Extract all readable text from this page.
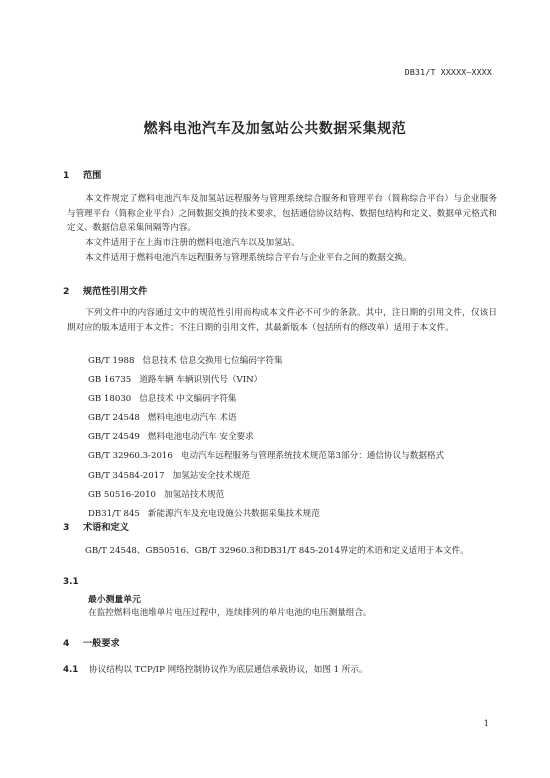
DB31/T XXXXX—XXXX
燃料电池汽车及加氢站公共数据采集规范
1 范围
本文件规定了燃料电池汽车及加氢站远程服务与管理系统综合服务和管理平台（简称综合平台）与企业服务与管理平台（简称企业平台）之间数据交换的技术要求，包括通信协议结构、数据包结构和定义、数据单元格式和定义、数据信息采集间隔等内容。
本文件适用于在上海市注册的燃料电池汽车以及加氢站。
本文件适用于燃料电池汽车远程服务与管理系统综合平台与企业平台之间的数据交换。
2 规范性引用文件
下列文件中的内容通过文中的规范性引用而构成本文件必不可少的条款。其中，注日期的引用文件，仅该日期对应的版本适用于本文件；不注日期的引用文件，其最新版本（包括所有的修改单）适用于本文件。
GB/T 1988 信息技术 信息交换用七位编码字符集
GB 16735 道路车辆 车辆识别代号（VIN）
GB 18030 信息技术 中文编码字符集
GB/T 24548 燃料电池电动汽车 术语
GB/T 24549 燃料电池电动汽车 安全要求
GB/T 32960.3-2016 电动汽车远程服务与管理系统技术规范第3部分：通信协议与数据格式
GB/T 34584-2017 加氢站安全技术规范
GB 50516-2010 加氢站技术规范
DB31/T 845 新能源汽车及充电设施公共数据采集技术规范
3 术语和定义
GB/T 24548、GB50516、GB/T 32960.3和DB31/T 845-2014界定的术语和定义适用于本文件。
3.1
最小测量单元
在监控燃料电池堆单片电压过程中，连续排列的单片电池的电压测量组合。
4 一般要求
4.1 协议结构以 TCP/IP 网络控制协议作为底层通信承载协议，如图 1 所示。
1
